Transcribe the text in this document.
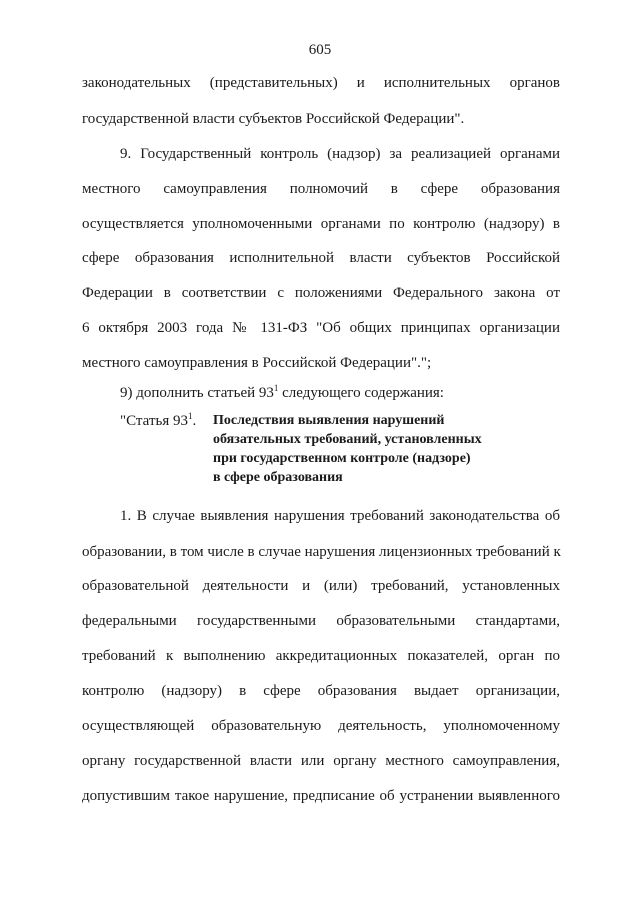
605
законодательных (представительных) и исполнительных органов
государственной власти субъектов Российской Федерации".
9. Государственный контроль (надзор) за реализацией органами
местного самоуправления полномочий в сфере образования
осуществляется уполномоченными органами по контролю (надзору) в
сфере образования исполнительной власти субъектов Российской
Федерации в соответствии с положениями Федерального закона от
6 октября 2003 года № 131-ФЗ "Об общих принципах организации
местного самоуправления в Российской Федерации".";
9) дополнить статьей $93^1$ следующего содержания:
"Статья $93^1$. Последствия выявления нарушений
обязательных требований, установленных
при государственном контроле (надзоре)
в сфере образования
1. В случае выявления нарушения требований законодательства об
образовании, в том числе в случае нарушения лицензионных требований к
образовательной деятельности и (или) требований, установленных
федеральными государственными образовательными стандартами,
требований к выполнению аккредитационных показателей, орган по
контролю (надзору) в сфере образования выдает организации,
осуществляющей образовательную деятельность, уполномоченному
органу государственной власти или органу местного самоуправления,
допустившим такое нарушение, предписание об устранении выявленного
